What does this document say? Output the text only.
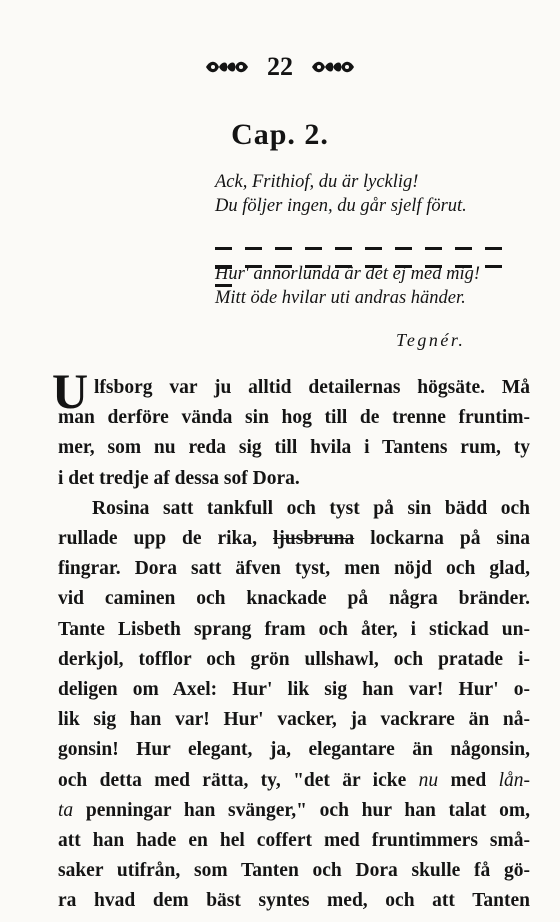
22
Cap. 2.
Ack, Frithiof, du är lycklig!
Du följer ingen, du går sjelf förut.
Hur' annorlunda är det ej med mig!
Mitt öde hvilar uti andras händer.
Tegnér.
U lfsborg var ju alltid detailernas högsäte. Må
man derföre vända sin hog till de trenne fruntim-
mer, som nu reda sig till hvila i Tantens rum, ty
i det tredje af dessa sof Dora.
Rosina satt tankfull och tyst på sin bädd och
rullade upp de rika, ljusbruna lockarna på sina
fingrar. Dora satt äfven tyst, men nöjd och glad,
vid caminen och knackade på några bränder.
Tante Lisbeth sprang fram och åter, i stickad un-
derkjol, tofflor och grön ullshawl, och pratade i-
deligen om Axel: Hur' lik sig han var! Hur' o-
lik sig han var! Hur' vacker, ja vackrare än nå-
gonsin! Hur elegant, ja, elegantare än någonsin,
och detta med rätta, ty, "det är icke nu med lån-
ta penningar han svänger," och hur han talat om,
att han hade en hel coffert med fruntimmers små-
saker utifrån, som Tanten och Dora skulle få gö-
ra hvad dem bäst syntes med, och att Tanten
